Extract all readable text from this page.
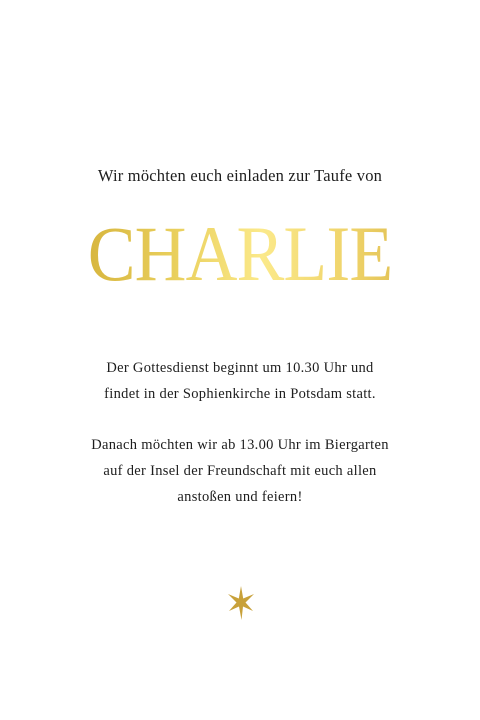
Wir möchten euch einladen zur Taufe von
CHARLIE
Der Gottesdienst beginnt um 10.30 Uhr und
findet in der Sophienkirche in Potsdam statt.
Danach möchten wir ab 13.00 Uhr im Biergarten
auf der Insel der Freundschaft mit euch allen
anstoßen und feiern!
